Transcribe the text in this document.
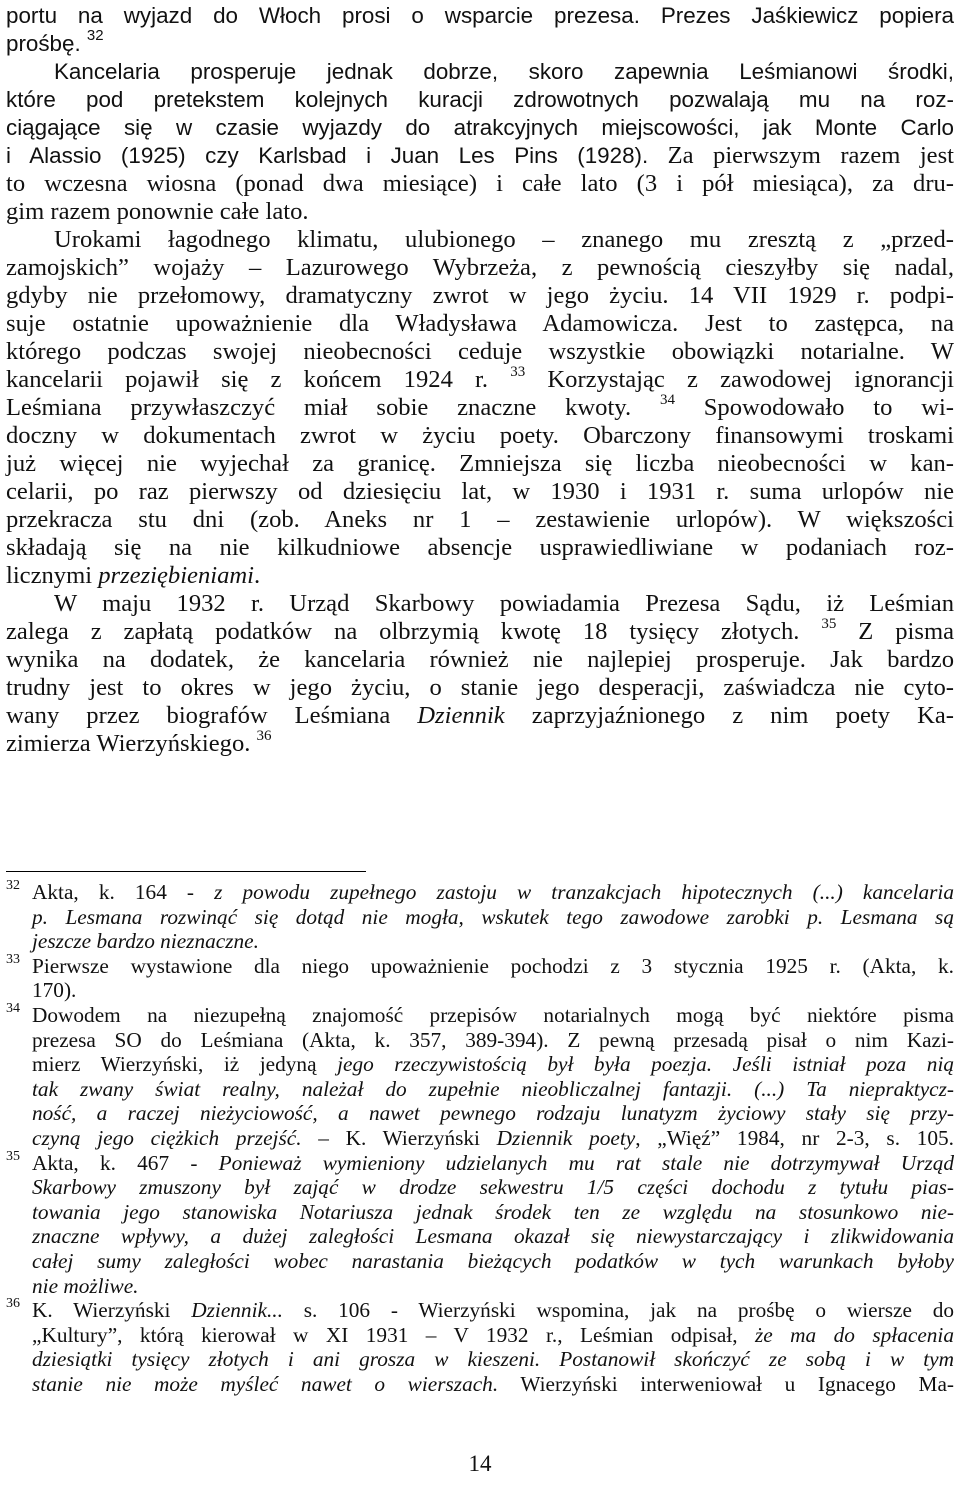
portu na wyjazd do Włoch prosi o wsparcie prezesa. Prezes Jaśkiewicz popiera
prośbę. $^{32}$

Kancelaria prosperuje jednak dobrze, skoro zapewnia Leśmianowi środki,
które pod pretekstem kolejnych kuracji zdrowotnych pozwalają mu na roz-
ciągające się w czasie wyjazdy do atrakcyjnych miejscowości, jak Monte Carlo
i Alassio (1925) czy Karlsbad i Juan Les Pins (1928). Za pierwszym razem jest
to wczesna wiosna (ponad dwa miesiące) i całe lato (3 i pół miesiąca), za dru-
gim razem ponownie całe lato.

Urokami łagodnego klimatu, ulubionego – znanego mu zresztą z „przed-
zamojskich” wojaży – Lazurowego Wybrzeża, z pewnością cieszyłby się nadal,
gdyby nie przełomowy, dramatyczny zwrot w jego życiu. 14 VII 1929 r. podpi-
suje ostatnie upoważnienie dla Władysława Adamowicza. Jest to zastępca, na
którego podczas swojej nieobecności ceduje wszystkie obowiązki notarialne. W
kancelarii pojawił się z końcem 1924 r. $^{33}$ Korzystając z zawodowej ignorancji
Leśmiana przywłaszczyć miał sobie znaczne kwoty. $^{34}$ Spowodowało to wi-
doczny w dokumentach zwrot w życiu poety. Obarczony finansowymi troskami
już więcej nie wyjechał za granicę. Zmniejsza się liczba nieobecności w kan-
celarii, po raz pierwszy od dziesięciu lat, w 1930 i 1931 r. suma urlopów nie
przekracza stu dni (zob. Aneks nr 1 – zestawienie urlopów). W większości
składają się na nie kilkudniowe absencje usprawiedliwiane w podaniach roz-
licznymi przeziębieniami.

W maju 1932 r. Urząd Skarbowy powiadamia Prezesa Sądu, iż Leśmian
zalega z zapłatą podatków na olbrzymią kwotę 18 tysięcy złotych. $^{35}$ Z pisma
wynika na dodatek, że kancelaria również nie najlepiej prosperuje. Jak bardzo
trudny jest to okres w jego życiu, o stanie jego desperacji, zaświadcza nie cyto-
wany przez biografów Leśmiana Dziennik zaprzyjaźnionego z nim poety Ka-
zimierza Wierzyńskiego. $^{36}$

32 Akta, k. 164 - z powodu zupełnego zastoju w tranzakcjach hipotecznych (...) kancelaria
p. Lesmana rozwinąć się dotąd nie mogła, wskutek tego zawodowe zarobki p. Lesmana są
jeszcze bardzo nieznaczne.
33 Pierwsze wystawione dla niego upoważnienie pochodzi z 3 stycznia 1925 r. (Akta, k.
170).
34 Dowodem na niezupełną znajomość przepisów notarialnych mogą być niektóre pisma
prezesa SO do Leśmiana (Akta, k. 357, 389-394). Z pewną przesadą pisał o nim Kazi-
mierz Wierzyński, iż jedyną jego rzeczywistością był była poezja. Jeśli istniał poza nią
tak zwany świat realny, należał do zupełnie nieobliczalnej fantazji. (...) Ta niepraktycz-
ność, a raczej nieżyciowość, a nawet pewnego rodzaju lunatyzm życiowy stały się przy-
czyną jego ciężkich przejść. – K. Wierzyński Dziennik poety, „Więź” 1984, nr 2-3, s. 105.
35 Akta, k. 467 - Ponieważ wymieniony udzielanych mu rat stale nie dotrzymywał Urząd
Skarbowy zmuszony był zająć w drodze sekwestru 1/5 części dochodu z tytułu pias-
towania jego stanowiska Notariusza jednak środek ten ze względu na stosunkowo nie-
znaczne wpływy, a dużej zaległości Lesmana okazał się niewystarczający i zlikwidowania
całej sumy zaległości wobec narastania bieżących podatków w tych warunkach byłoby
nie możliwe.
36 K. Wierzyński Dziennik... s. 106 - Wierzyński wspomina, jak na prośbę o wierszе do
„Kultury”, którą kierował w XI 1931 – V 1932 r., Leśmian odpisał, że ma do spłacenia
dziesiątki tysięcy złotych i ani grosza w kieszeni. Postanowił skończyć ze sobą i w tym
stanie nie może myśleć nawet o wierszach. Wierzyński interweniował u Ignacego Ma-
14
